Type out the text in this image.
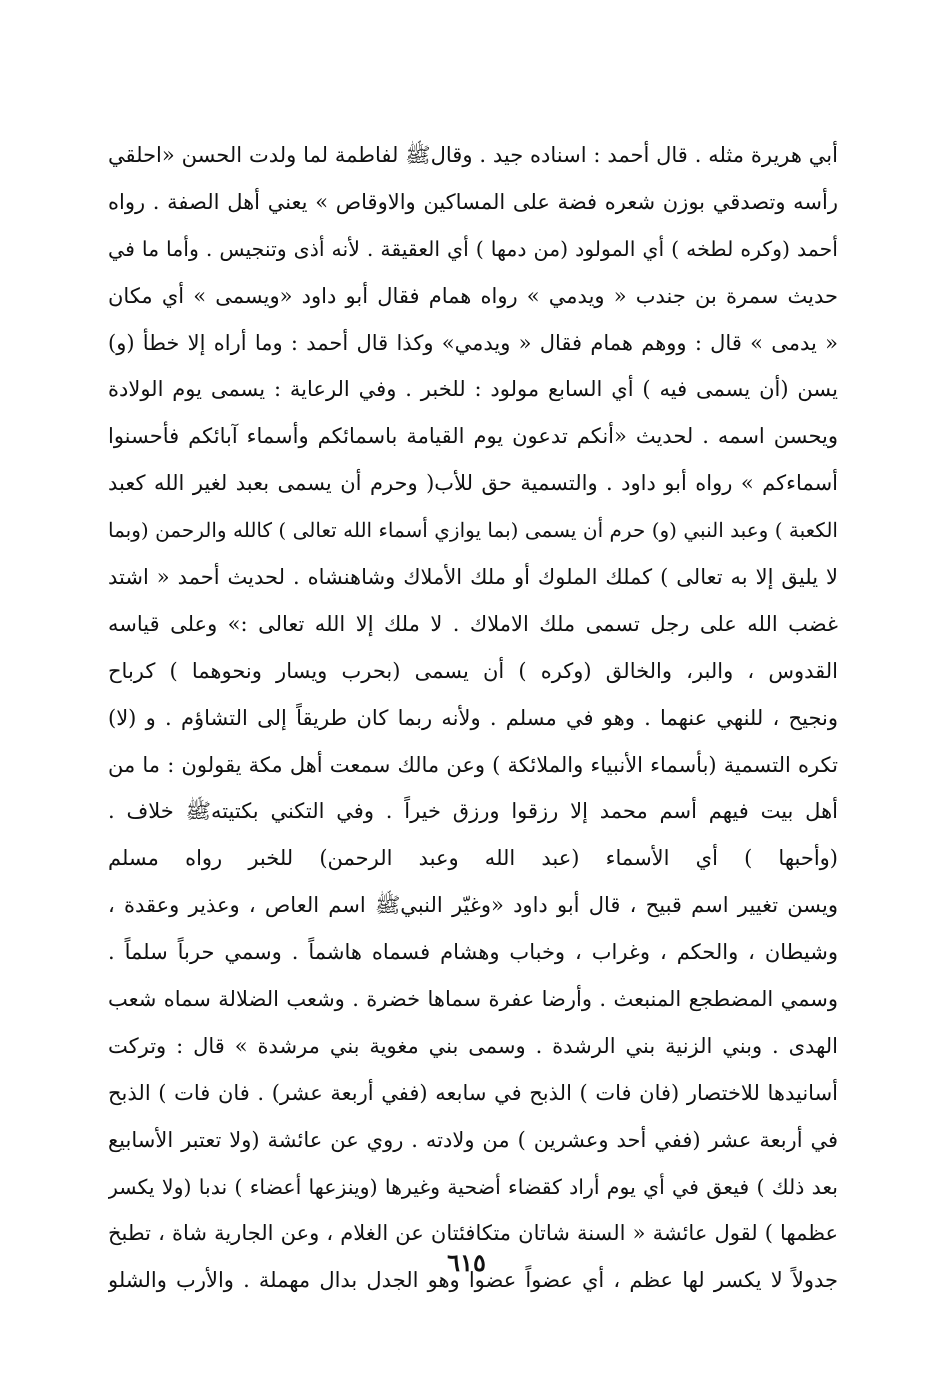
أبي هريرة مثله . قال أحمد : اسناده جيد . وقالﷺ لفاطمة لما ولدت الحسن «احلقي
رأسه وتصدقي بوزن شعره فضة على المساكين والاوقاص » يعني أهل الصفة . رواه
أحمد (وكره لطخه ) أي المولود (من دمها ) أي العقيقة . لأنه أذى وتنجيس . وأما ما في
حديث سمرة بن جندب « ويدمي » رواه همام فقال أبو داود «ويسمى » أي مكان
« يدمى » قال : ووهم همام فقال « ويدمي» وكذا قال أحمد : وما أراه إلا خطأ (و)
يسن (أن يسمى فيه ) أي السابع مولود : للخبر . وفي الرعاية : يسمى يوم الولادة
ويحسن اسمه . لحديث «أنكم تدعون يوم القيامة باسمائكم وأسماء آبائكم فأحسنوا
أسماءكم » رواه أبو داود . والتسمية حق للأب( وحرم أن يسمى بعبد لغير الله كعبد
الكعبة ) وعبد النبي (و) حرم أن يسمى (بما يوازي أسماء الله تعالى ) كالله والرحمن (وبما
لا يليق إلا به تعالى ) كملك الملوك أو ملك الأملاك وشاهنشاه . لحديث أحمد « اشتد
غضب الله على رجل تسمى ملك الاملاك . لا ملك إلا الله تعالى :» وعلى قياسه
القدوس ، والبر، والخالق (وكره ) أن يسمى (بحرب ويسار ونحوهما ) كرباح
ونجيح ، للنهي عنهما . وهو في مسلم . ولأنه ربما كان طريقاً إلى التشاؤم . و (لا)
تكره التسمية (بأسماء الأنبياء والملائكة ) وعن مالك سمعت أهل مكة يقولون : ما من
أهل بيت فيهم أسم محمد إلا رزقوا ورزق خيراً . وفي التكني بكتيتهﷺ خلاف .
(وأحبها ) أي الأسماء (عبد الله وعبد الرحمن) للخبر رواه مسلم
ويسن تغيير اسم قبيح ، قال أبو داود «وغيّر النبيﷺ اسم العاص ، وعذير وعقدة ،
وشيطان ، والحكم ، وغراب ، وخباب وهشام فسماه هاشماً . وسمي حرباً سلماً .
وسمي المضطجع المنبعث . وأرضا عفرة سماها خضرة . وشعب الضلالة سماه شعب
الهدى . وبني الزنية بني الرشدة . وسمى بني مغوية بني مرشدة » قال : وتركت
أسانيدها للاختصار (فان فات ) الذبح في سابعه (ففي أربعة عشر) . فان فات ) الذبح
في أربعة عشر (ففي أحد وعشرين ) من ولادته . روي عن عائشة (ولا تعتبر الأسابيع
بعد ذلك ) فيعق في أي يوم أراد كقضاء أضحية وغيرها (وينزعها أعضاء ) ندبا (ولا يكسر
عظمها ) لقول عائشة « السنة شاتان متكافئتان عن الغلام ، وعن الجارية شاة ، تطبخ
جدولاً لا يكسر لها عظم ، أي عضواً عضوا وهو الجدل بدال مهملة . والأرب والشلو
٦١٥
